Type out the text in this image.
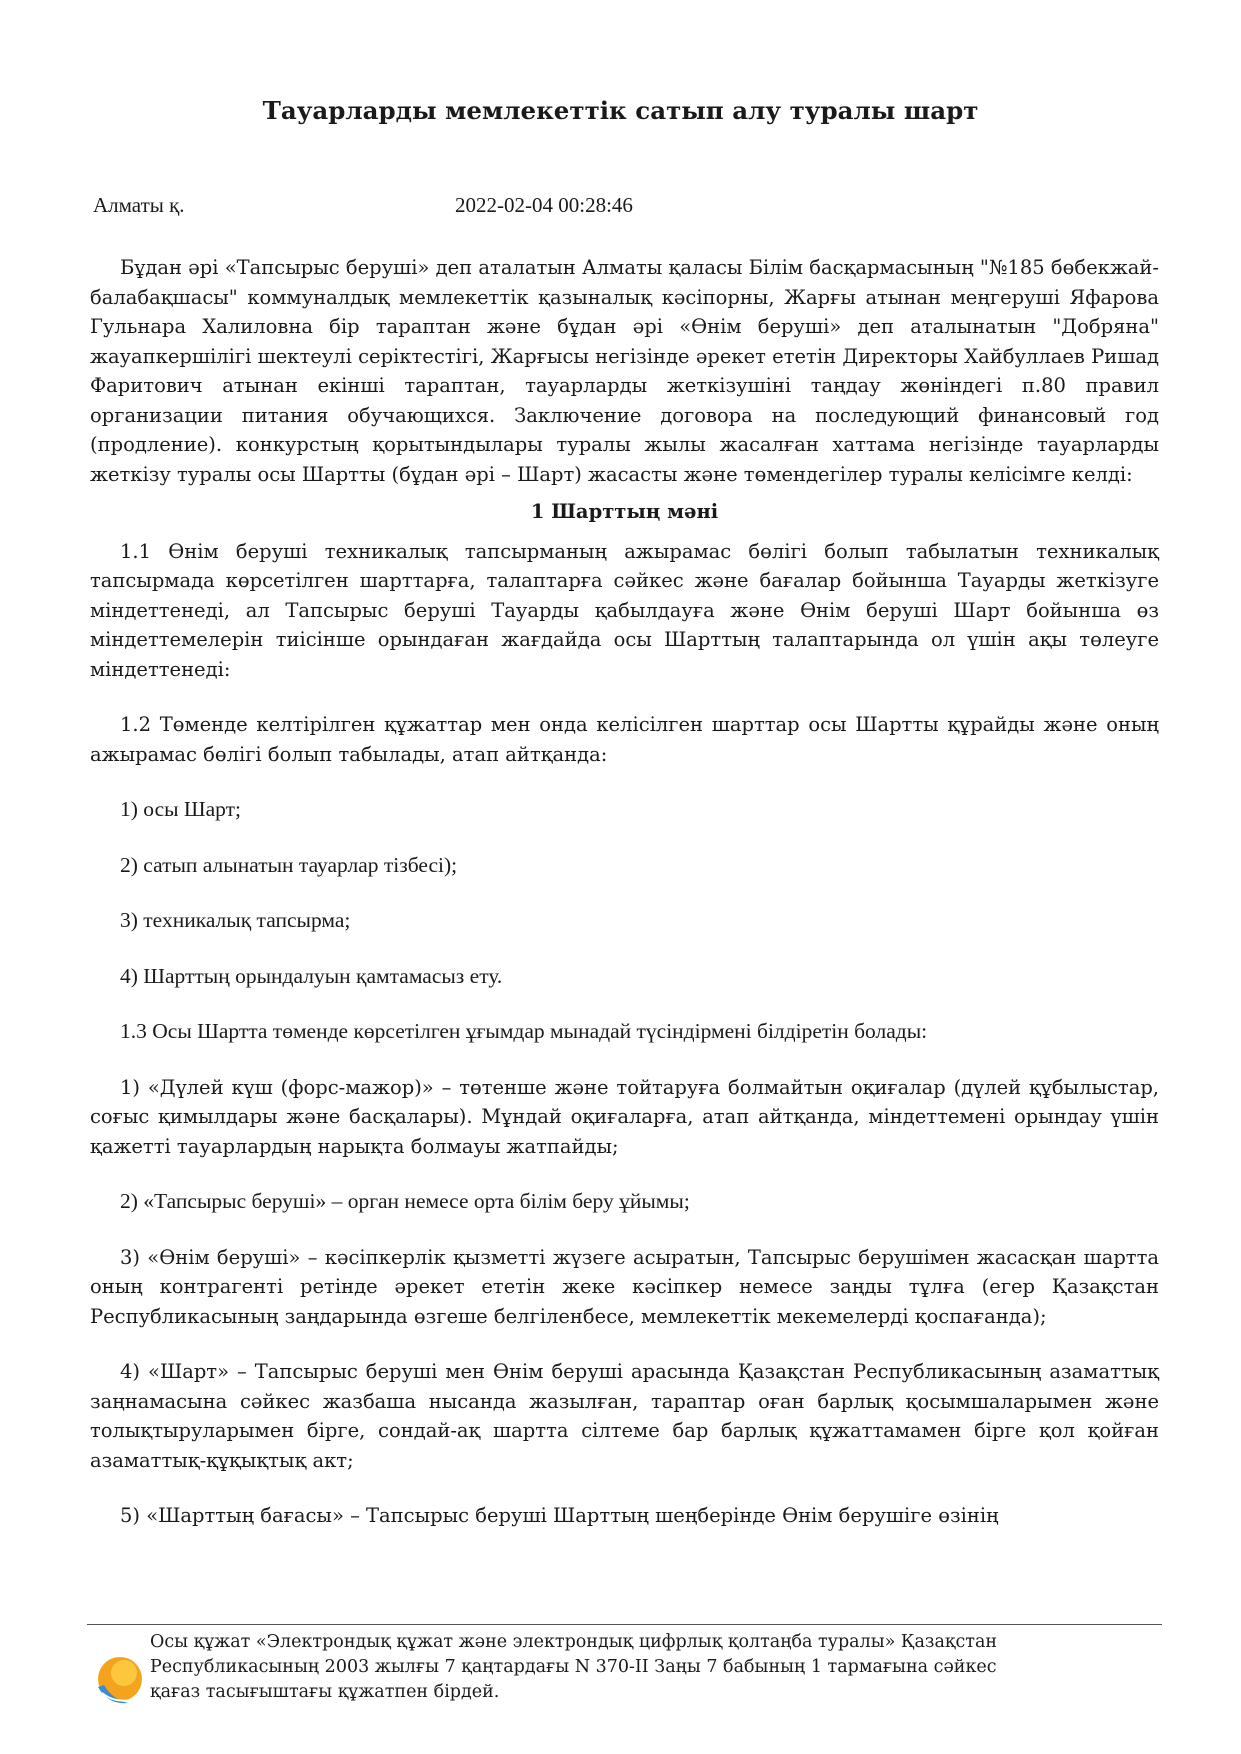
Тауарларды мемлекеттік сатып алу туралы шарт
Алматы қ.	2022-02-04 00:28:46

Бұдан әрі «Тапсырыс беруші» деп аталатын Алматы қаласы Білім басқармасының "№185 бөбекжай-балабақшасы" коммуналдық мемлекеттік қазыналық кәсіпорны, Жарғы атынан меңгеруші Яфарова Гульнара Халиловна бір тараптан және бұдан әрі «Өнім беруші» деп аталынатын "Добряна" жауапкершілігі шектеулі серіктестігі, Жарғысы негізінде әрекет ететін Директоры Хайбуллаев Ришад Фаритович атынан екінші тараптан, тауарларды жеткізушіні таңдау жөніндегі п.80 правил организации питания обучающихся. Заключение договора на последующий финансовый год (продление). конкурстың қорытындылары туралы жылы жасалған хаттама негізінде тауарларды жеткізу туралы осы Шартты (бұдан әрі – Шарт) жасасты және төмендегілер туралы келісімге келді:

1 Шарттың мәні

1.1 Өнім беруші техникалық тапсырманың ажырамас бөлігі болып табылатын техникалық тапсырмада көрсетілген шарттарға, талаптарға сәйкес және бағалар бойынша Тауарды жеткізуге міндеттенеді, ал Тапсырыс беруші Тауарды қабылдауға және Өнім беруші Шарт бойынша өз міндеттемелерін тиісінше орындаған жағдайда осы Шарттың талаптарында ол үшін ақы төлеуге міндеттенеді:

1.2 Төменде келтірілген құжаттар мен онда келісілген шарттар осы Шартты құрайды және оның ажырамас бөлігі болып табылады, атап айтқанда:

1) осы Шарт;

2) сатып алынатын тауарлар тізбесі);

3) техникалық тапсырма;

4) Шарттың орындалуын қамтамасыз ету.

1.3 Осы Шартта төменде көрсетілген ұғымдар мынадай түсіндірмені білдіретін болады:

1) «Дүлей күш (форс-мажор)» – төтенше және тойтаруға болмайтын оқиғалар (дүлей құбылыстар, соғыс қимылдары және басқалары). Мұндай оқиғаларға, атап айтқанда, міндеттемені орындау үшін қажетті тауарлардың нарықта болмауы жатпайды;

2) «Тапсырыс беруші» – орган немесе орта білім беру ұйымы;

3) «Өнім беруші» – кәсіпкерлік қызметті жүзеге асыратын, Тапсырыс берушімен жасасқан шартта оның контрагенті ретінде әрекет ететін жеке кәсіпкер немесе заңды тұлға (егер Қазақстан Республикасының заңдарында өзгеше белгіленбесе, мемлекеттік мекемелерді қоспағанда);

4) «Шарт» – Тапсырыс беруші мен Өнім беруші арасында Қазақстан Республикасының азаматтық заңнамасына сәйкес жазбаша нысанда жазылған, тараптар оған барлық қосымшаларымен және толықтыруларымен бірге, сондай-ақ шартта сілтеме бар барлық құжаттамамен бірге қол қойған азаматтық-құқықтық акт;

5) «Шарттың бағасы» – Тапсырыс беруші Шарттың шеңберінде Өнім берушіге өзінің

Осы құжат «Электрондық құжат және электрондық цифрлық қолтаңба туралы» Қазақстан Республикасының 2003 жылғы 7 қаңтардағы N 370-II Заңы 7 бабының 1 тармағына сәйкес қағаз тасығыштағы құжатпен бірдей.
